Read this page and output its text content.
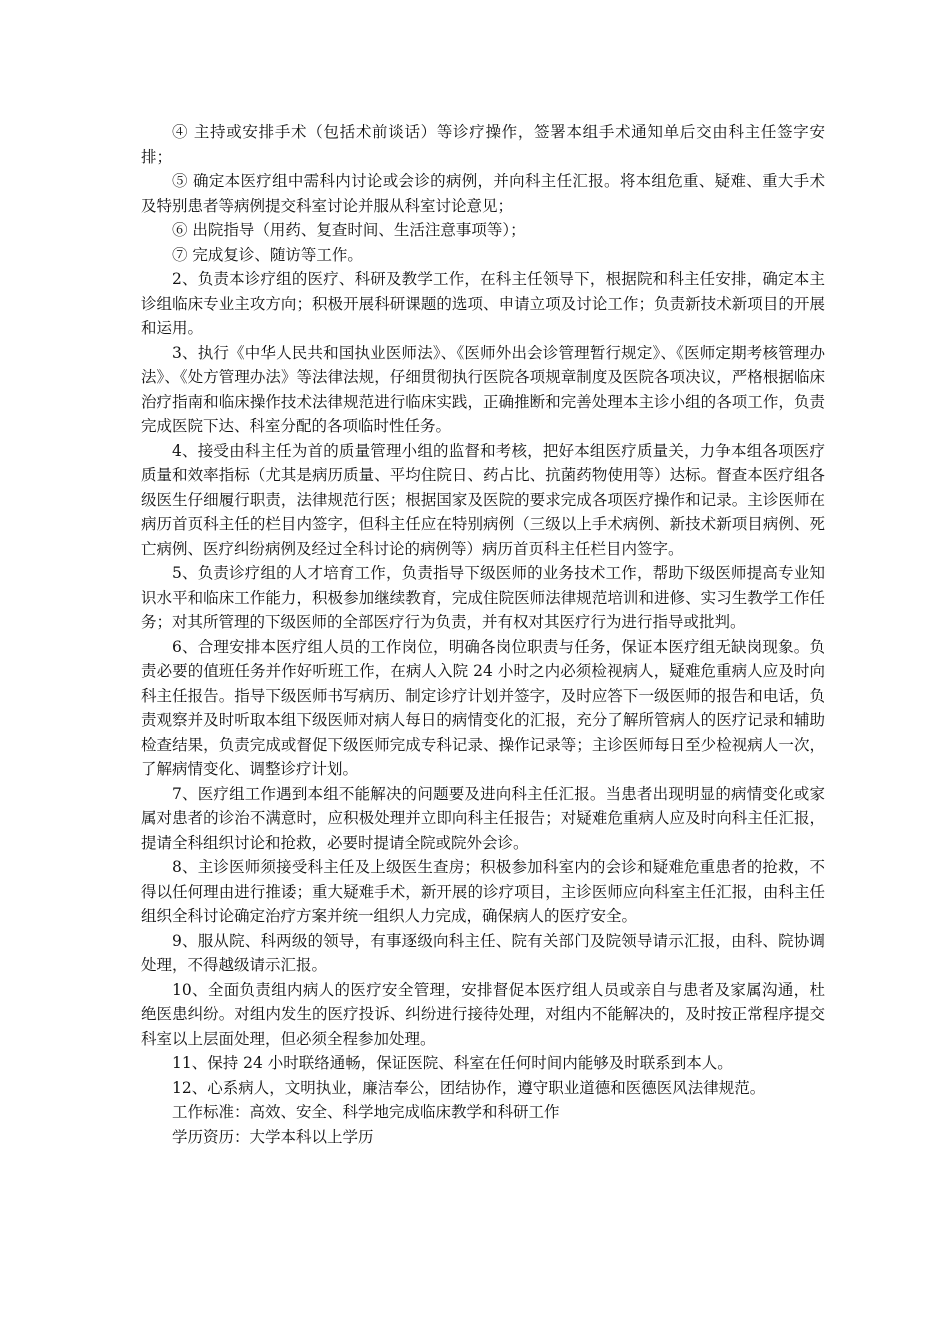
④ 主持或安排手术（包括术前谈话）等诊疗操作，签署本组手术通知单后交由科主任签字安排；

⑤ 确定本医疗组中需科内讨论或会诊的病例，并向科主任汇报。将本组危重、疑难、重大手术及特别患者等病例提交科室讨论并服从科室讨论意见；

⑥ 出院指导（用药、复查时间、生活注意事项等）；

⑦ 完成复诊、随访等工作。

2、负责本诊疗组的医疗、科研及教学工作，在科主任领导下，根据院和科主任安排，确定本主诊组临床专业主攻方向；积极开展科研课题的选项、申请立项及讨论工作；负责新技术新项目的开展和运用。

3、执行《中华人民共和国执业医师法》、《医师外出会诊管理暂行规定》、《医师定期考核管理办法》、《处方管理办法》等法律法规，仔细贯彻执行医院各项规章制度及医院各项决议，严格根据临床治疗指南和临床操作技术法律规范进行临床实践，正确推断和完善处理本主诊小组的各项工作，负责完成医院下达、科室分配的各项临时性任务。

4、接受由科主任为首的质量管理小组的监督和考核，把好本组医疗质量关，力争本组各项医疗质量和效率指标（尤其是病历质量、平均住院日、药占比、抗菌药物使用等）达标。督查本医疗组各级医生仔细履行职责，法律规范行医；根据国家及医院的要求完成各项医疗操作和记录。主诊医师在病历首页科主任的栏目内签字，但科主任应在特别病例（三级以上手术病例、新技术新项目病例、死亡病例、医疗纠纷病例及经过全科讨论的病例等）病历首页科主任栏目内签字。

5、负责诊疗组的人才培育工作，负责指导下级医师的业务技术工作，帮助下级医师提高专业知识水平和临床工作能力，积极参加继续教育，完成住院医师法律规范培训和进修、实习生教学工作任务；对其所管理的下级医师的全部医疗行为负责，并有权对其医疗行为进行指导或批判。

6、合理安排本医疗组人员的工作岗位，明确各岗位职责与任务，保证本医疗组无缺岗现象。负责必要的值班任务并作好听班工作，在病人入院 24 小时之内必须检视病人，疑难危重病人应及时向科主任报告。指导下级医师书写病历、制定诊疗计划并签字，及时应答下一级医师的报告和电话，负责观察并及时听取本组下级医师对病人每日的病情变化的汇报，充分了解所管病人的医疗记录和辅助检查结果，负责完成或督促下级医师完成专科记录、操作记录等；主诊医师每日至少检视病人一次，了解病情变化、调整诊疗计划。

7、医疗组工作遇到本组不能解决的问题要及进向科主任汇报。当患者出现明显的病情变化或家属对患者的诊治不满意时，应积极处理并立即向科主任报告；对疑难危重病人应及时向科主任汇报，提请全科组织讨论和抢救，必要时提请全院或院外会诊。

8、主诊医师须接受科主任及上级医生查房；积极参加科室内的会诊和疑难危重患者的抢救，不得以任何理由进行推诿；重大疑难手术，新开展的诊疗项目，主诊医师应向科室主任汇报，由科主任组织全科讨论确定治疗方案并统一组织人力完成，确保病人的医疗安全。

9、服从院、科两级的领导，有事逐级向科主任、院有关部门及院领导请示汇报，由科、院协调处理，不得越级请示汇报。

10、全面负责组内病人的医疗安全管理，安排督促本医疗组人员或亲自与患者及家属沟通，杜绝医患纠纷。对组内发生的医疗投诉、纠纷进行接待处理，对组内不能解决的，及时按正常程序提交科室以上层面处理，但必须全程参加处理。

11、保持 24 小时联络通畅，保证医院、科室在任何时间内能够及时联系到本人。

12、心系病人，文明执业，廉洁奉公，团结协作，遵守职业道德和医德医风法律规范。

工作标准：高效、安全、科学地完成临床教学和科研工作

学历资历：大学本科以上学历
